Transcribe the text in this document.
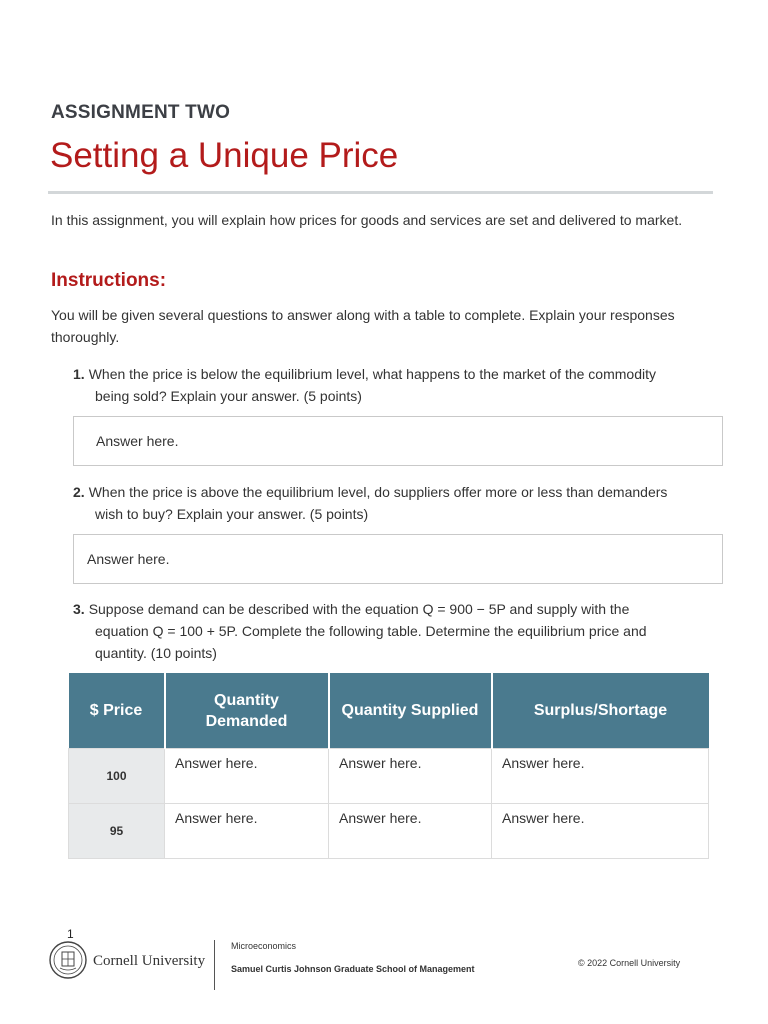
ASSIGNMENT TWO
Setting a Unique Price
In this assignment, you will explain how prices for goods and services are set and delivered to market.
Instructions:
You will be given several questions to answer along with a table to complete. Explain your responses thoroughly.
1. When the price is below the equilibrium level, what happens to the market of the commodity
being sold? Explain your answer. (5 points)
Answer here.
2. When the price is above the equilibrium level, do suppliers offer more or less than demanders
wish to buy? Explain your answer. (5 points)
Answer here.
3. Suppose demand can be described with the equation Q = 900 − 5P and supply with the
equation Q = 100 + 5P. Complete the following table. Determine the equilibrium price and
quantity. (10 points)
$ Price	Quantity Demanded	Quantity Supplied	Surplus/Shortage
100	Answer here.	Answer here.	Answer here.
95	Answer here.	Answer here.	Answer here.
1
Cornell University
Microeconomics
Samuel Curtis Johnson Graduate School of Management
© 2022 Cornell University
